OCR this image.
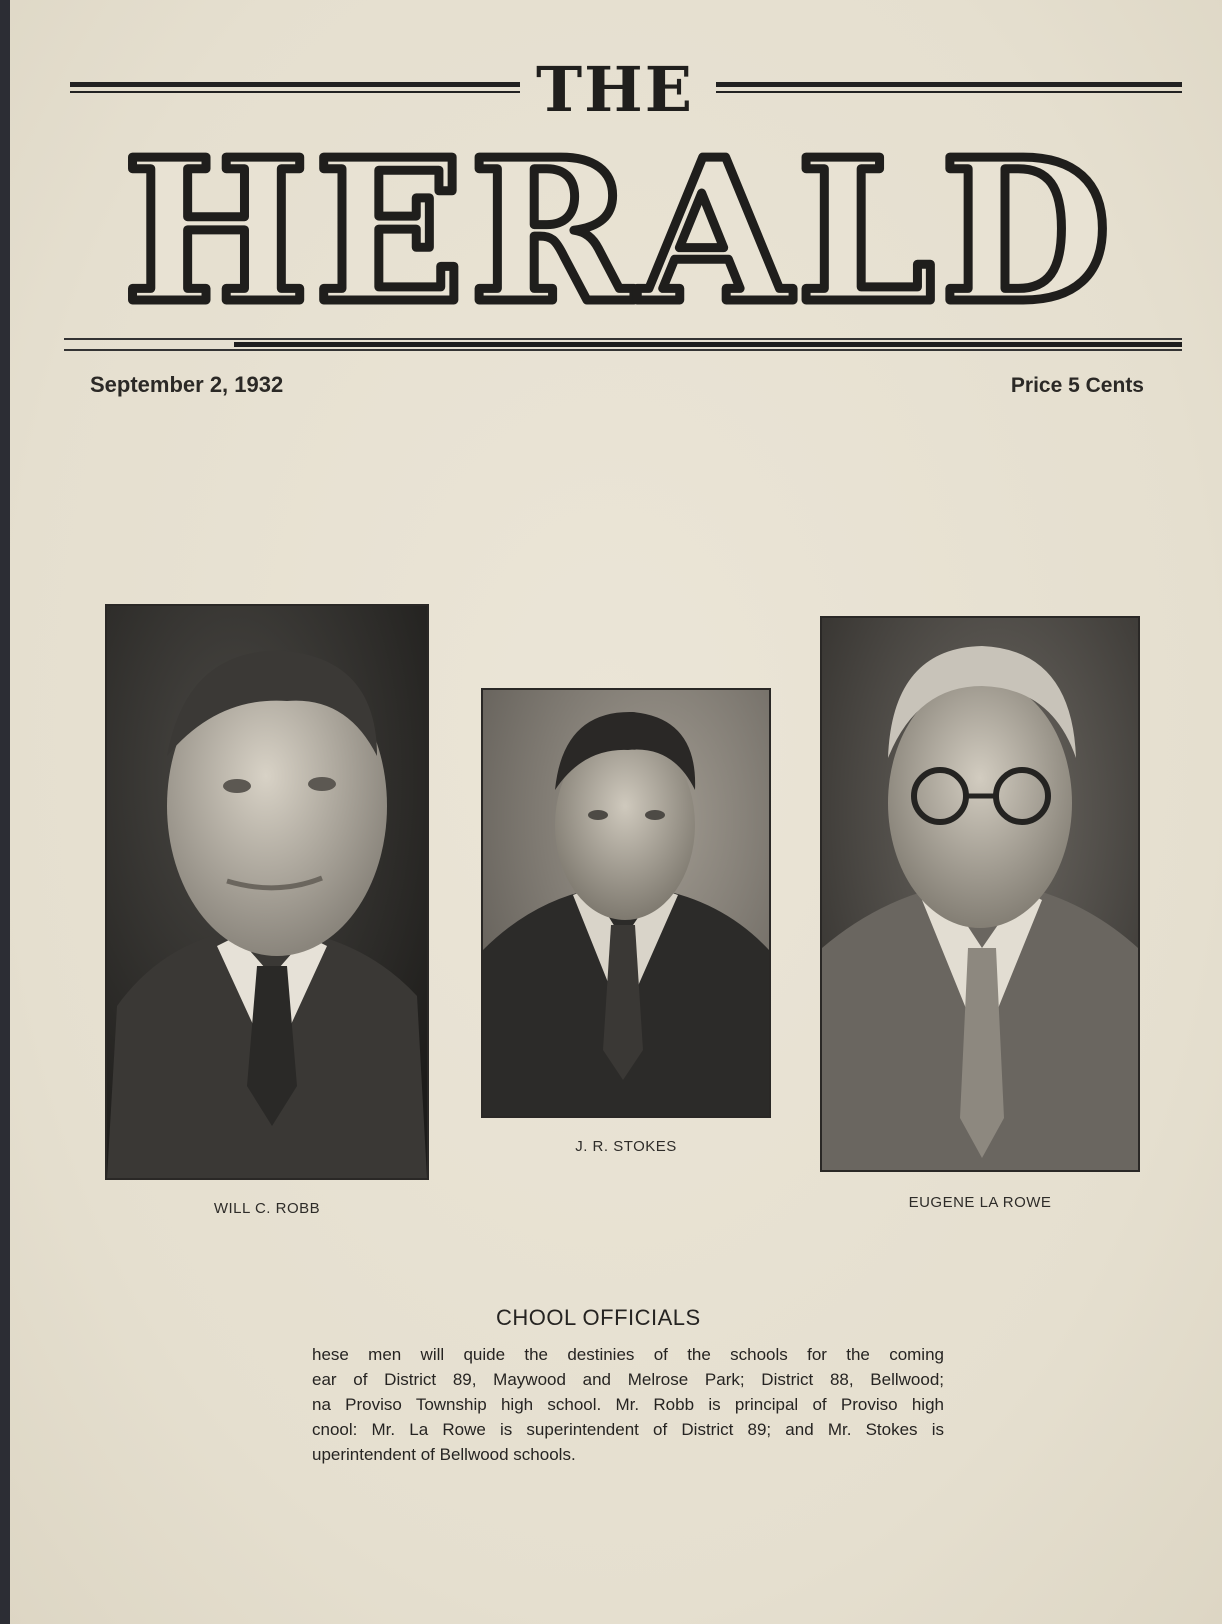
THE
HERALD
September 2, 1932	Price 5 Cents
WILL C. ROBB
J. R. STOKES
EUGENE LA ROWE
CHOOL OFFICIALS
hese men will quide the destinies of the schools for the coming
ear of District 89, Maywood and Melrose Park; District 88, Bellwood;
na Proviso Township high school. Mr. Robb is principal of Proviso high
cnool: Mr. La Rowe is superintendent of District 89; and Mr. Stokes is
uperintendent of Bellwood schools.
